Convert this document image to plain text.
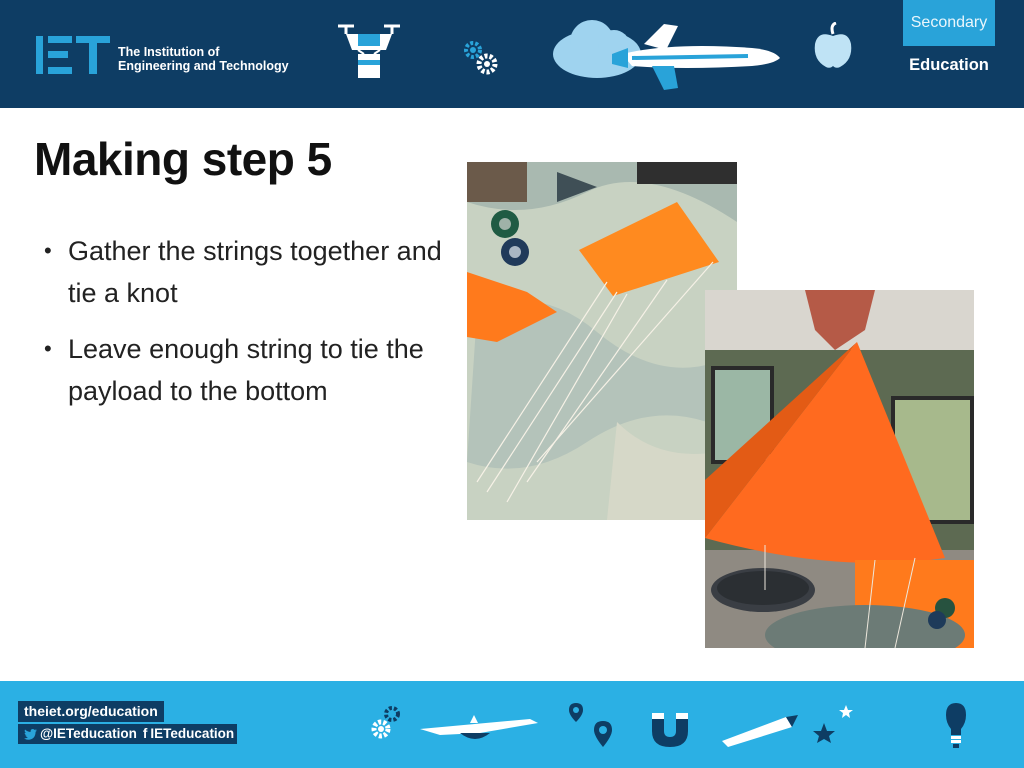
The Institution of
Engineering and Technology
Secondary
Education
Making step 5
• Gather the strings together and tie a knot
• Leave enough string to tie the payload to the bottom
theiet.org/education
@IETeducation f IETeducation
